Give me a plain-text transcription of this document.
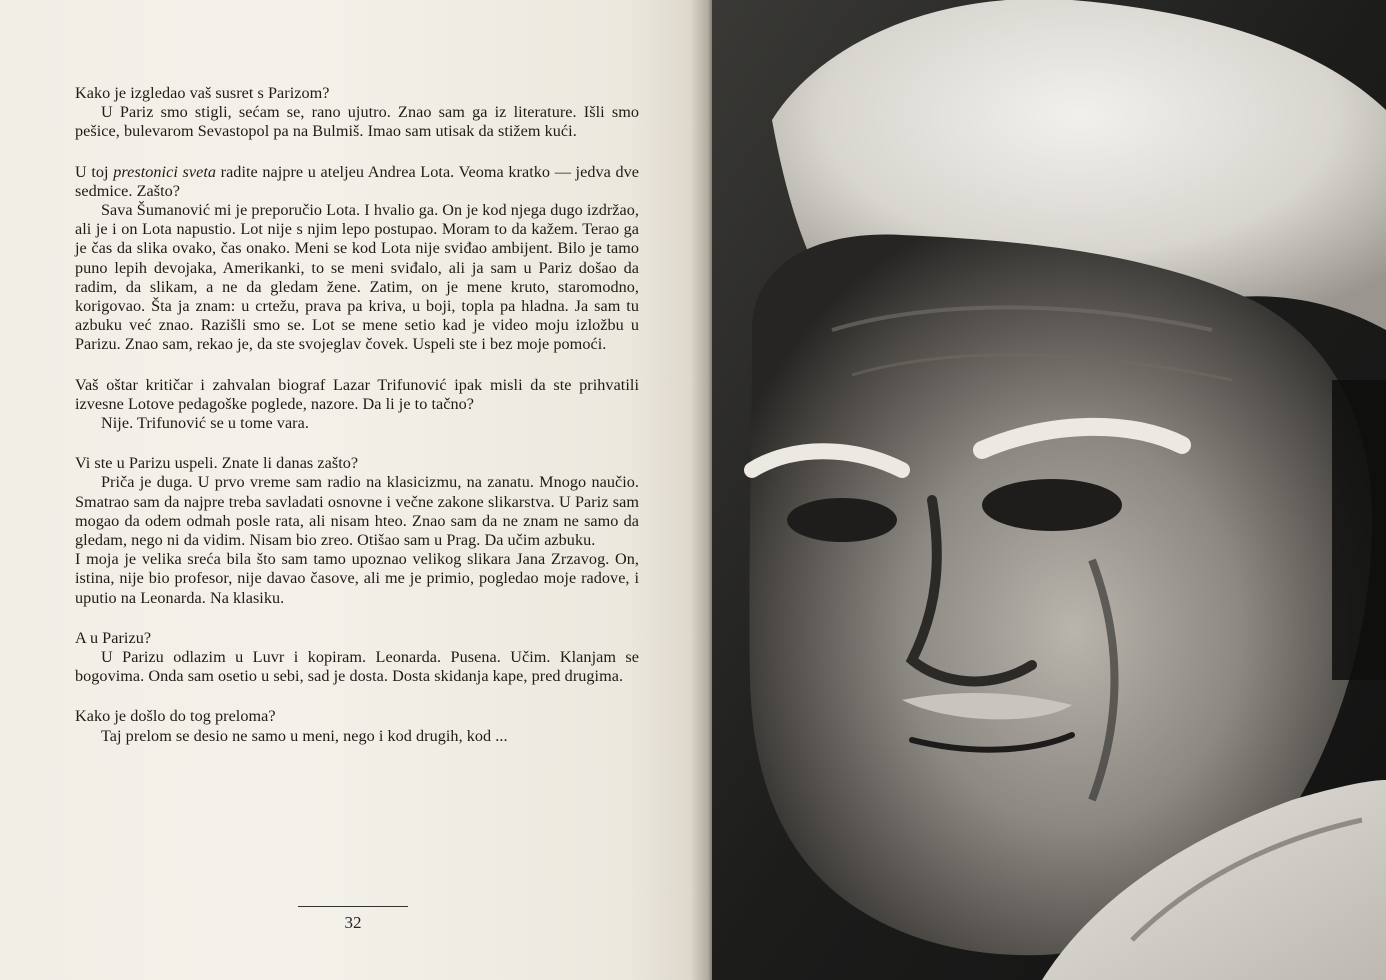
Kako je izgledao vaš susret s Parizom?

U Pariz smo stigli, sećam se, rano ujutro. Znao sam ga iz literature. Išli smo pešice, bulevarom Sevastopol pa na Bulmiš. Imao sam utisak da stižem kući.

U toj prestonici sveta radite najpre u ateljeu Andrea Lota. Veoma kratko — jedva dve sedmice. Zašto?

Sava Šumanović mi je preporučio Lota. I hvalio ga. On je kod njega dugo izdržao, ali je i on Lota napustio. Lot nije s njim lepo postupao. Moram to da kažem. Terao ga je čas da slika ovako, čas onako. Meni se kod Lota nije sviđao ambijent. Bilo je tamo puno lepih devojaka, Amerikanki, to se meni sviđalo, ali ja sam u Pariz došao da radim, da slikam, a ne da gledam žene. Zatim, on je mene kruto, staromodno, korigovao. Šta ja znam: u crtežu, prava pa kriva, u boji, topla pa hladna. Ja sam tu azbuku već znao. Razišli smo se. Lot se mene setio kad je video moju izložbu u Parizu. Znao sam, rekao je, da ste svojeglav čovek. Uspeli ste i bez moje pomoći.

Vaš oštar kritičar i zahvalan biograf Lazar Trifunović ipak misli da ste prihvatili izvesne Lotove pedagoške poglede, nazore. Da li je to tačno?

Nije. Trifunović se u tome vara.

Vi ste u Parizu uspeli. Znate li danas zašto?

Priča je duga. U prvo vreme sam radio na klasicizmu, na zanatu. Mnogo naučio. Smatrao sam da najpre treba savladati osnovne i večne zakone slikarstva. U Pariz sam mogao da odem odmah posle rata, ali nisam hteo. Znao sam da ne znam ne samo da gledam, nego ni da vidim. Nisam bio zreo. Otišao sam u Prag. Da učim azbuku.

I moja je velika sreća bila što sam tamo upoznao velikog slikara Jana Zrzavog. On, istina, nije bio profesor, nije davao časove, ali me je primio, pogledao moje radove, i uputio na Leonarda. Na klasiku.

A u Parizu?

U Parizu odlazim u Luvr i kopiram. Leonarda. Pusena. Učim. Klanjam se bogovima. Onda sam osetio u sebi, sad je dosta. Dosta skidanja kape, pred drugima.

Kako je došlo do tog preloma?

Taj prelom se desio ne samo u meni, nego i kod drugih, kod ...

32
